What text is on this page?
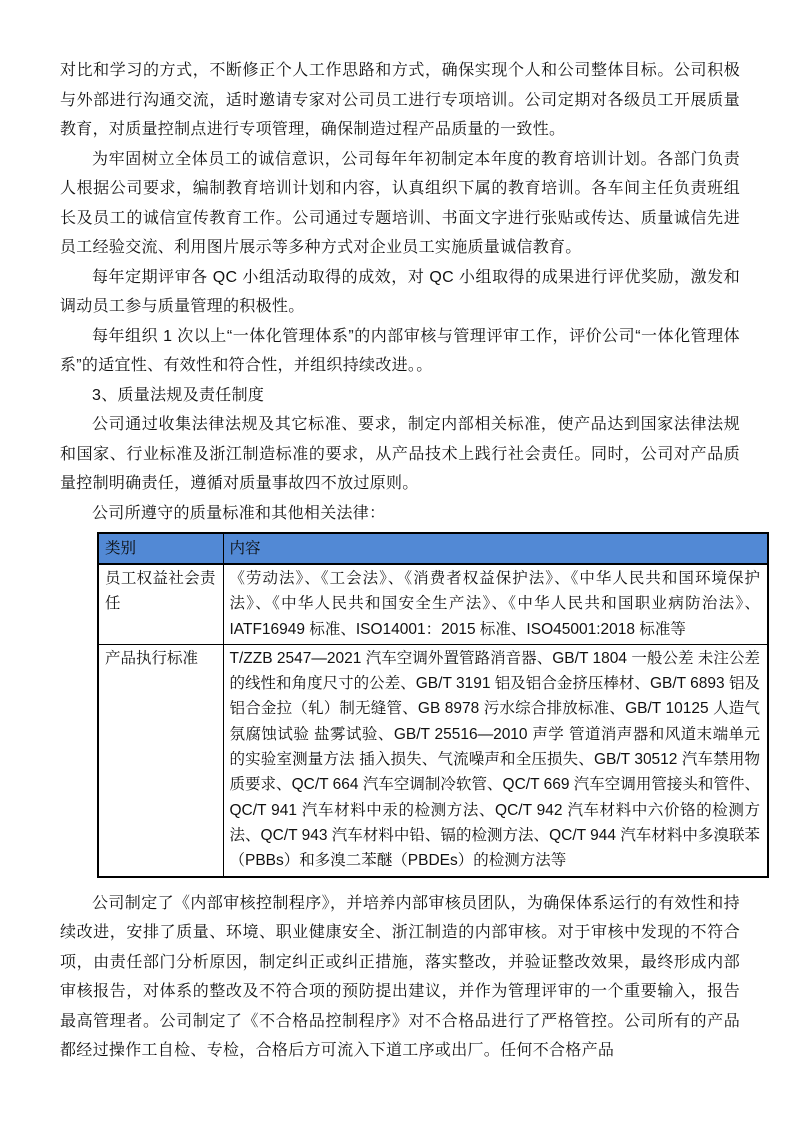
对比和学习的方式，不断修正个人工作思路和方式，确保实现个人和公司整体目标。公司积极与外部进行沟通交流，适时邀请专家对公司员工进行专项培训。公司定期对各级员工开展质量教育，对质量控制点进行专项管理，确保制造过程产品质量的一致性。

为牢固树立全体员工的诚信意识，公司每年年初制定本年度的教育培训计划。各部门负责人根据公司要求，编制教育培训计划和内容，认真组织下属的教育培训。各车间主任负责班组长及员工的诚信宣传教育工作。公司通过专题培训、书面文字进行张贴或传达、质量诚信先进员工经验交流、利用图片展示等多种方式对企业员工实施质量诚信教育。

每年定期评审各 QC 小组活动取得的成效，对 QC 小组取得的成果进行评优奖励，激发和调动员工参与质量管理的积极性。

每年组织 1 次以上“一体化管理体系”的内部审核与管理评审工作，评价公司“一体化管理体系”的适宜性、有效性和符合性，并组织持续改进。。

3、质量法规及责任制度

公司通过收集法律法规及其它标准、要求，制定内部相关标准，使产品达到国家法律法规和国家、行业标准及浙江制造标准的要求，从产品技术上践行社会责任。同时，公司对产品质量控制明确责任，遵循对质量事故四不放过原则。

公司所遵守的质量标准和其他相关法律：

类别	内容
员工权益社会责任	《劳动法》、《工会法》、《消费者权益保护法》、《中华人民共和国环境保护法》、《中华人民共和国安全生产法》、《中华人民共和国职业病防治法》、IATF16949 标准、ISO14001：2015 标准、ISO45001:2018 标准等
产品执行标准	T/ZZB 2547—2021 汽车空调外置管路消音器、GB/T 1804 一般公差 未注公差的线性和角度尺寸的公差、GB/T 3191 铝及铝合金挤压棒材、GB/T 6893 铝及铝合金拉（轧）制无缝管、GB 8978 污水综合排放标准、GB/T 10125 人造气氛腐蚀试验 盐雾试验、GB/T 25516—2010 声学 管道消声器和风道末端单元的实验室测量方法 插入损失、气流噪声和全压损失、GB/T 30512 汽车禁用物质要求、QC/T 664 汽车空调制冷软管、QC/T 669 汽车空调用管接头和管件、QC/T 941 汽车材料中汞的检测方法、QC/T 942 汽车材料中六价铬的检测方法、QC/T 943 汽车材料中铅、镉的检测方法、QC/T 944 汽车材料中多溴联苯（PBBs）和多溴二苯醚（PBDEs）的检测方法等

公司制定了《内部审核控制程序》，并培养内部审核员团队，为确保体系运行的有效性和持续改进，安排了质量、环境、职业健康安全、浙江制造的内部审核。对于审核中发现的不符合项，由责任部门分析原因，制定纠正或纠正措施，落实整改，并验证整改效果，最终形成内部审核报告，对体系的整改及不符合项的预防提出建议，并作为管理评审的一个重要输入，报告最高管理者。公司制定了《不合格品控制程序》对不合格品进行了严格管控。公司所有的产品都经过操作工自检、专检，合格后方可流入下道工序或出厂。任何不合格产品
